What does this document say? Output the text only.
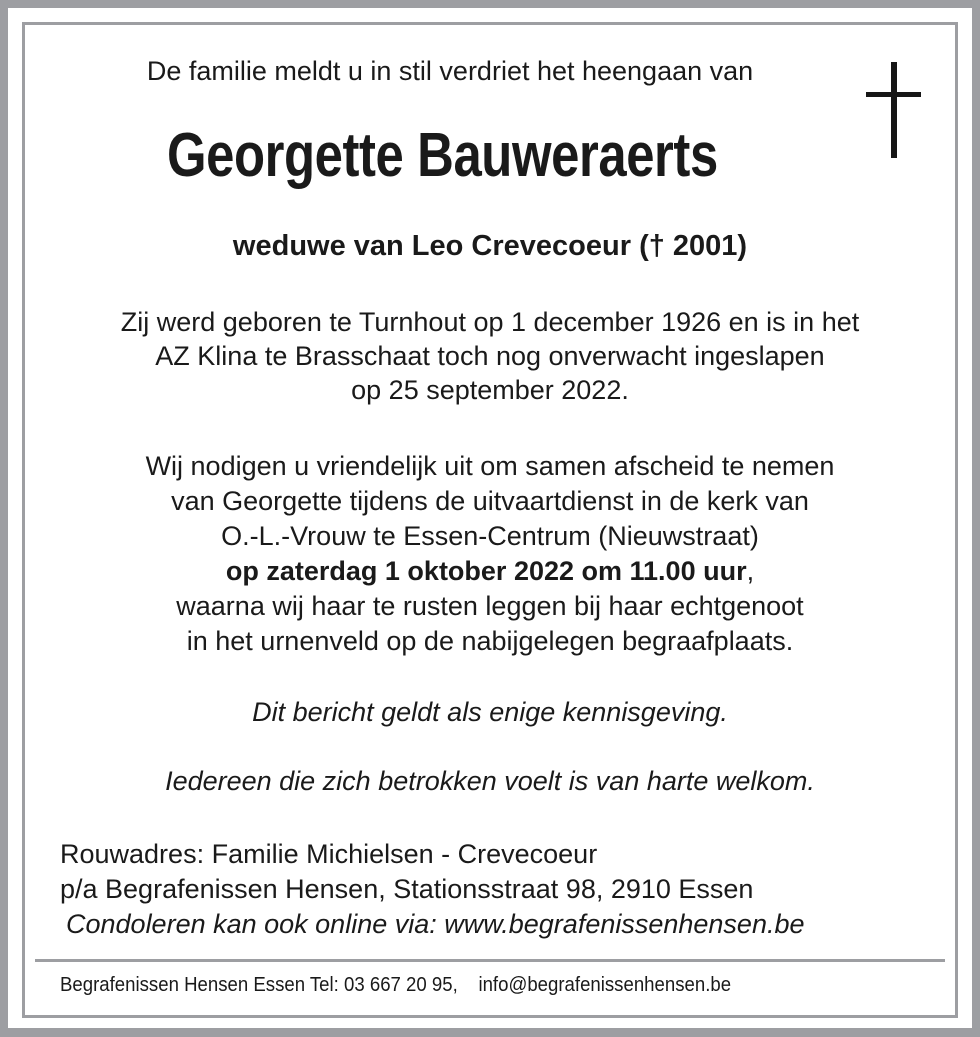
De familie meldt u in stil verdriet het heengaan van
Georgette Bauweraerts
weduwe van Leo Crevecoeur († 2001)
Zij werd geboren te Turnhout op 1 december 1926 en is in het
AZ Klina te Brasschaat toch nog onverwacht ingeslapen
op 25 september 2022.
Wij nodigen u vriendelijk uit om samen afscheid te nemen
van Georgette tijdens de uitvaartdienst in de kerk van
O.-L.-Vrouw te Essen-Centrum (Nieuwstraat)
op zaterdag 1 oktober 2022 om 11.00 uur,
waarna wij haar te rusten leggen bij haar echtgenoot
in het urnenveld op de nabijgelegen begraafplaats.
Dit bericht geldt als enige kennisgeving.
Iedereen die zich betrokken voelt is van harte welkom.
Rouwadres: Familie Michielsen - Crevecoeur
p/a Begrafenissen Hensen, Stationsstraat 98, 2910 Essen
Condoleren kan ook online via: www.begrafenissenhensen.be
Begrafenissen Hensen Essen Tel: 03 667 20 95, info@begrafenissenhensen.be
